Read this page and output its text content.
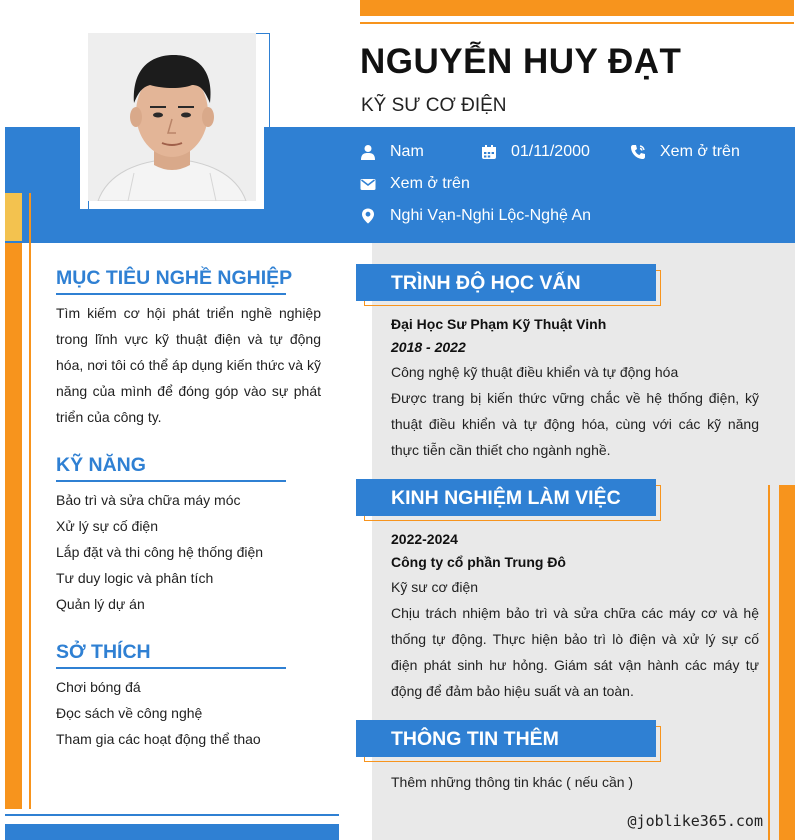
NGUYỄN HUY ĐẠT
KỸ SƯ CƠ ĐIỆN
Nam	01/11/2000	Xem ở trên
Xem ở trên
Nghi Vạn-Nghi Lộc-Nghệ An
MỤC TIÊU NGHỀ NGHIỆP
Tìm kiếm cơ hội phát triển nghề nghiệp trong lĩnh vực kỹ thuật điện và tự động hóa, nơi tôi có thể áp dụng kiến thức và kỹ năng của mình để đóng góp vào sự phát triển của công ty.
KỸ NĂNG
Bảo trì và sửa chữa máy móc
Xử lý sự cố điện
Lắp đặt và thi công hệ thống điện
Tư duy logic và phân tích
Quản lý dự án
SỞ THÍCH
Chơi bóng đá
Đọc sách về công nghệ
Tham gia các hoạt động thể thao
TRÌNH ĐỘ HỌC VẤN
Đại Học Sư Phạm Kỹ Thuật Vinh
2018 - 2022
Công nghệ kỹ thuật điều khiển và tự động hóa
Được trang bị kiến thức vững chắc về hệ thống điện, kỹ thuật điều khiển và tự động hóa, cùng với các kỹ năng thực tiễn cần thiết cho ngành nghề.
KINH NGHIỆM LÀM VIỆC
2022-2024
Công ty cổ phần Trung Đô
Kỹ sư cơ điện
Chịu trách nhiệm bảo trì và sửa chữa các máy cơ và hệ thống tự động. Thực hiện bảo trì lò điện và xử lý sự cố điện phát sinh hư hỏng. Giám sát vận hành các máy tự động để đảm bảo hiệu suất và an toàn.
THÔNG TIN THÊM
Thêm những thông tin khác ( nếu cần )
@joblike365.com
